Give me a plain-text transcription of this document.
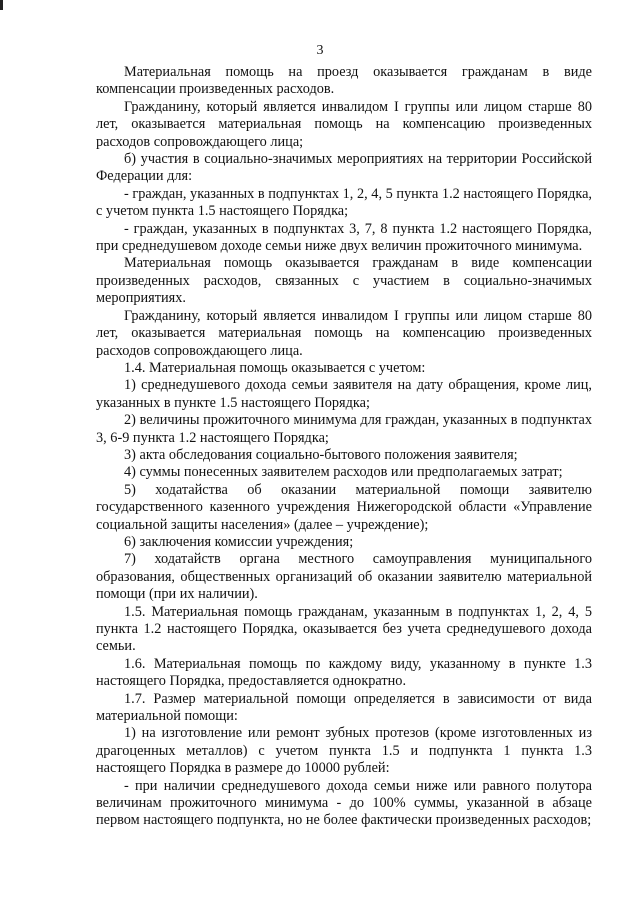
3

Материальная помощь на проезд оказывается гражданам в виде компенсации произведенных расходов.

Гражданину, который является инвалидом I группы или лицом старше 80 лет, оказывается материальная помощь на компенсацию произведенных расходов сопровождающего лица;

б) участия в социально-значимых мероприятиях на территории Российской Федерации для:

- граждан, указанных в подпунктах 1, 2, 4, 5 пункта 1.2 настоящего Порядка, с учетом пункта 1.5 настоящего Порядка;

- граждан, указанных в подпунктах 3, 7, 8 пункта 1.2 настоящего Порядка, при среднедушевом доходе семьи ниже двух величин прожиточного минимума.

Материальная помощь оказывается гражданам в виде компенсации произведенных расходов, связанных с участием в социально-значимых мероприятиях.

Гражданину, который является инвалидом I группы или лицом старше 80 лет, оказывается материальная помощь на компенсацию произведенных расходов сопровождающего лица.

1.4. Материальная помощь оказывается с учетом:

1) среднедушевого дохода семьи заявителя на дату обращения, кроме лиц, указанных в пункте 1.5 настоящего Порядка;

2) величины прожиточного минимума для граждан, указанных в подпунктах 3, 6-9 пункта 1.2 настоящего Порядка;

3) акта обследования социально-бытового положения заявителя;

4) суммы понесенных заявителем расходов или предполагаемых затрат;

5) ходатайства об оказании материальной помощи заявителю государственного казенного учреждения Нижегородской области «Управление социальной защиты населения» (далее – учреждение);

6) заключения комиссии учреждения;

7) ходатайств органа местного самоуправления муниципального образования, общественных организаций об оказании заявителю материальной помощи (при их наличии).

1.5. Материальная помощь гражданам, указанным в подпунктах 1, 2, 4, 5 пункта 1.2 настоящего Порядка, оказывается без учета среднедушевого дохода семьи.

1.6. Материальная помощь по каждому виду, указанному в пункте 1.3 настоящего Порядка, предоставляется однократно.

1.7. Размер материальной помощи определяется в зависимости от вида материальной помощи:

1) на изготовление или ремонт зубных протезов (кроме изготовленных из драгоценных металлов) с учетом пункта 1.5 и подпункта 1 пункта 1.3 настоящего Порядка в размере до 10000 рублей:

- при наличии среднедушевого дохода семьи ниже или равного полутора величинам прожиточного минимума - до 100% суммы, указанной в абзаце первом настоящего подпункта, но не более фактически произведенных расходов;
